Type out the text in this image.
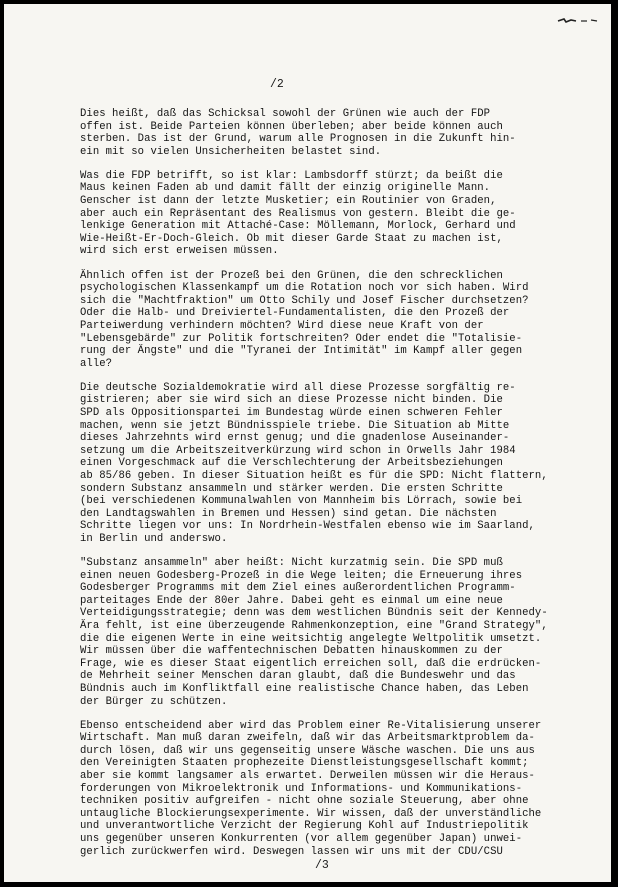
/2
Dies heißt, daß das Schicksal sowohl der Grünen wie auch der FDP
offen ist. Beide Parteien können überleben; aber beide können auch
sterben. Das ist der Grund, warum alle Prognosen in die Zukunft hin-
ein mit so vielen Unsicherheiten belastet sind.
Was die FDP betrifft, so ist klar: Lambsdorff stürzt; da beißt die
Maus keinen Faden ab und damit fällt der einzig originelle Mann.
Genscher ist dann der letzte Musketier; ein Routinier von Graden,
aber auch ein Repräsentant des Realismus von gestern. Bleibt die ge-
lenkige Generation mit Attaché-Case: Möllemann, Morlock, Gerhard und
Wie-Heißt-Er-Doch-Gleich. Ob mit dieser Garde Staat zu machen ist,
wird sich erst erweisen müssen.
Ähnlich offen ist der Prozeß bei den Grünen, die den schrecklichen
psychologischen Klassenkampf um die Rotation noch vor sich haben. Wird
sich die "Machtfraktion" um Otto Schily und Josef Fischer durchsetzen?
Oder die Halb- und Dreiviertel-Fundamentalisten, die den Prozeß der
Parteiwerdung verhindern möchten? Wird diese neue Kraft von der
"Lebensgebärde" zur Politik fortschreiten? Oder endet die "Totalisie-
rung der Ängste" und die "Tyranei der Intimität" im Kampf aller gegen
alle?
Die deutsche Sozialdemokratie wird all diese Prozesse sorgfältig re-
gistrieren; aber sie wird sich an diese Prozesse nicht binden. Die
SPD als Oppositionspartei im Bundestag würde einen schweren Fehler
machen, wenn sie jetzt Bündnisspiele triebe. Die Situation ab Mitte
dieses Jahrzehnts wird ernst genug; und die gnadenlose Auseinander-
setzung um die Arbeitszeitverkürzung wird schon in Orwells Jahr 1984
einen Vorgeschmack auf die Verschlechterung der Arbeitsbeziehungen
ab 85/86 geben. In dieser Situation heißt es für die SPD: Nicht flattern,
sondern Substanz ansammeln und stärker werden. Die ersten Schritte
(bei verschiedenen Kommunalwahlen von Mannheim bis Lörrach, sowie bei
den Landtagswahlen in Bremen und Hessen) sind getan. Die nächsten
Schritte liegen vor uns: In Nordrhein-Westfalen ebenso wie im Saarland,
in Berlin und anderswo.
"Substanz ansammeln" aber heißt: Nicht kurzatmig sein. Die SPD muß
einen neuen Godesberg-Prozeß in die Wege leiten; die Erneuerung ihres
Godesberger Programms mit dem Ziel eines außerordentlichen Programm-
parteitages Ende der 80er Jahre. Dabei geht es einmal um eine neue
Verteidigungsstrategie; denn was dem westlichen Bündnis seit der Kennedy-
Ära fehlt, ist eine überzeugende Rahmenkonzeption, eine "Grand Strategy",
die die eigenen Werte in eine weitsichtig angelegte Weltpolitik umsetzt.
Wir müssen über die waffentechnischen Debatten hinauskommen zu der
Frage, wie es dieser Staat eigentlich erreichen soll, daß die erdrücken-
de Mehrheit seiner Menschen daran glaubt, daß die Bundeswehr und das
Bündnis auch im Konfliktfall eine realistische Chance haben, das Leben
der Bürger zu schützen.
Ebenso entscheidend aber wird das Problem einer Re-Vitalisierung unserer
Wirtschaft. Man muß daran zweifeln, daß wir das Arbeitsmarktproblem da-
durch lösen, daß wir uns gegenseitig unsere Wäsche waschen. Die uns aus
den Vereinigten Staaten prophezeite Dienstleistungsgesellschaft kommt;
aber sie kommt langsamer als erwartet. Derweilen müssen wir die Heraus-
forderungen von Mikroelektronik und Informations- und Kommunikations-
techniken positiv aufgreifen - nicht ohne soziale Steuerung, aber ohne
untaugliche Blockierungsexperimente. Wir wissen, daß der unverständliche
und unverantwortliche Verzicht der Regierung Kohl auf Industriepolitik
uns gegenüber unseren Konkurrenten (vor allem gegenüber Japan) unwei-
gerlich zurückwerfen wird. Deswegen lassen wir uns mit der CDU/CSU
/3
